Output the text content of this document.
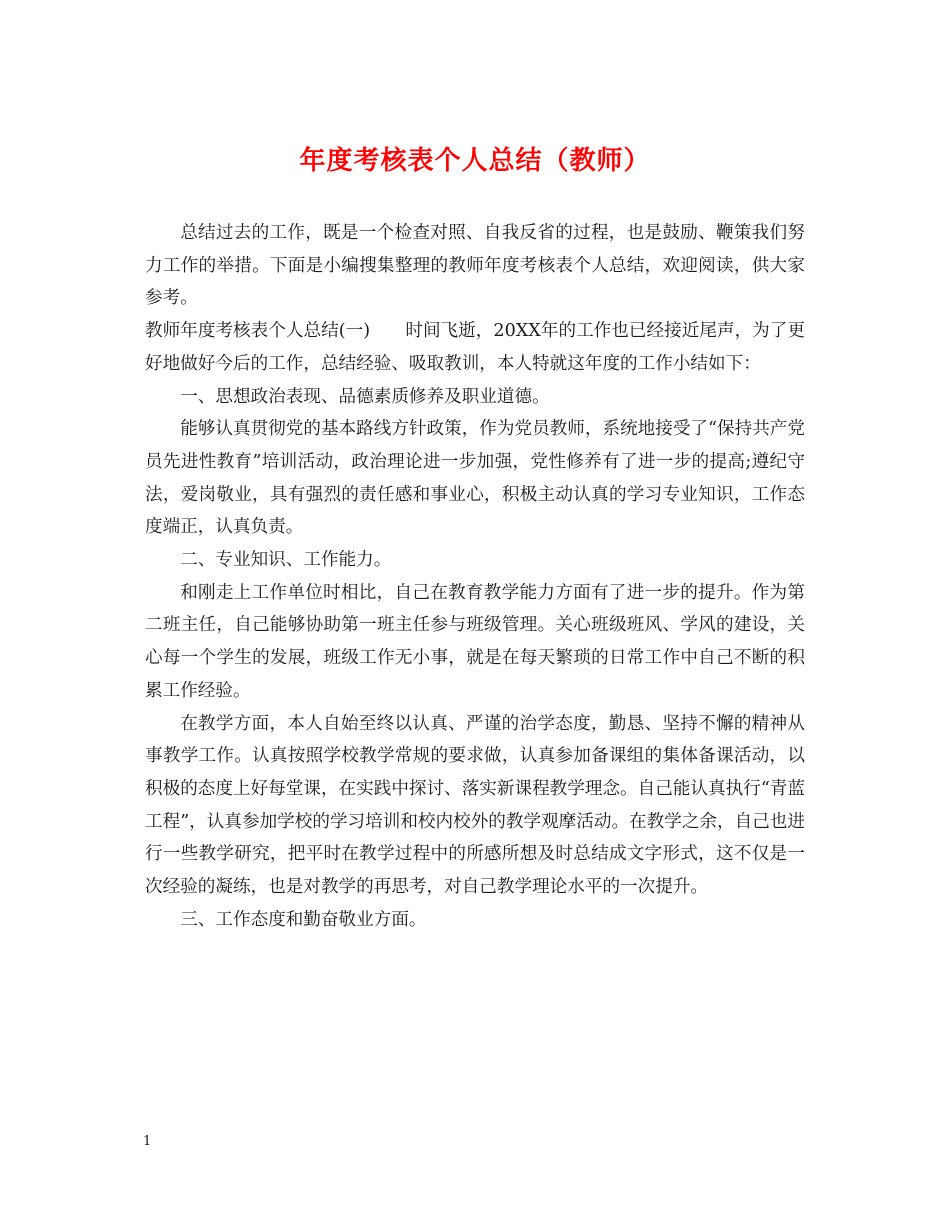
年度考核表个人总结（教师）

总结过去的工作，既是一个检查对照、自我反省的过程，也是鼓励、鞭策我们努力工作的举措。下面是小编搜集整理的教师年度考核表个人总结，欢迎阅读，供大家参考。

教师年度考核表个人总结(一)　　时间飞逝，20XX年的工作也已经接近尾声，为了更好地做好今后的工作，总结经验、吸取教训，本人特就这年度的工作小结如下：

一、思想政治表现、品德素质修养及职业道德。

能够认真贯彻党的基本路线方针政策，作为党员教师，系统地接受了“保持共产党员先进性教育”培训活动，政治理论进一步加强，党性修养有了进一步的提高;遵纪守法，爱岗敬业，具有强烈的责任感和事业心，积极主动认真的学习专业知识，工作态度端正，认真负责。

二、专业知识、工作能力。

和刚走上工作单位时相比，自己在教育教学能力方面有了进一步的提升。作为第二班主任，自己能够协助第一班主任参与班级管理。关心班级班风、学风的建设，关心每一个学生的发展，班级工作无小事，就是在每天繁琐的日常工作中自己不断的积累工作经验。

在教学方面，本人自始至终以认真、严谨的治学态度，勤恳、坚持不懈的精神从事教学工作。认真按照学校教学常规的要求做，认真参加备课组的集体备课活动，以积极的态度上好每堂课，在实践中探讨、落实新课程教学理念。自己能认真执行“青蓝工程”，认真参加学校的学习培训和校内校外的教学观摩活动。在教学之余，自己也进行一些教学研究，把平时在教学过程中的所感所想及时总结成文字形式，这不仅是一次经验的凝练，也是对教学的再思考，对自己教学理论水平的一次提升。

三、工作态度和勤奋敬业方面。

1
